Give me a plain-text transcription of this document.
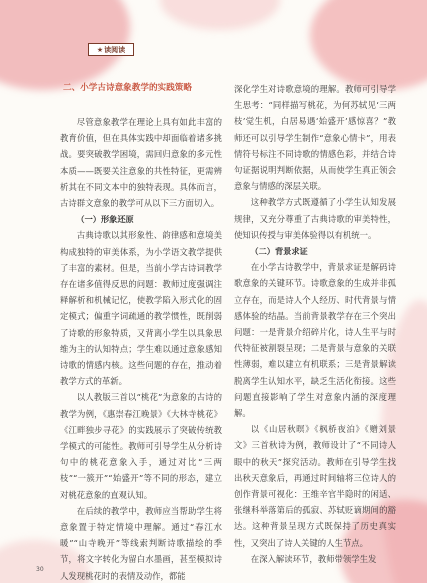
★ 读阅读
二、小学古诗意象教学的实践策略

尽管意象教学在理论上具有如此丰富的教育价值，但在具体实践中却面临着诸多挑战。要突破教学困境，需回归意象的多元性本质——既要关注意象的共性特征，更需辨析其在不同文本中的独特表现。具体而言，古诗群文意象的教学可从以下三方面切入。

（一）形象还原

古典诗歌以其形象性、韵律感和意境美构成独特的审美体系，为小学语文教学提供了丰富的素材。但是，当前小学古诗词教学存在诸多值得反思的问题：教师过度强调注释解析和机械记忆，使教学陷入形式化的固定模式；偏重字词疏通的教学惯性，既削弱了诗歌的形象特质，又背离小学生以具象思维为主的认知特点；学生难以通过意象感知诗歌的情感内核。这些问题的存在，推动着教学方式的革新。

以人教版三首以“桃花”为意象的古诗的教学为例，《惠崇春江晚景》《大林寺桃花》《江畔独步寻花》的实践展示了突破传统教学模式的可能性。教师可引导学生从分析诗句中的桃花意象入手，通过对比“三两枝”“一簇开”“始盛开”等不同的形态，建立对桃花意象的直观认知。

在后续的教学中，教师应当帮助学生将意象置于特定情境中理解。通过“春江水暖”“山寺晚开”等线索判断诗歌描绘的季节，将文字转化为留白水墨画，甚至模拟诗人发现桃花时的表情及动作，都能

深化学生对诗歌意境的理解。教师可引导学生思考：“同样描写桃花，为何苏轼见‘三两枝’觉生机，白居易遇‘始盛开’感惊喜？”教师还可以引导学生制作“意象心情卡”，用表情符号标注不同诗歌的情感色彩，并结合诗句证据说明判断依据，从而使学生真正领会意象与情感的深层关联。

这种教学方式既遵循了小学生认知发展规律，又充分尊重了古典诗歌的审美特性，使知识传授与审美体验得以有机统一。

（二）背景求证

在小学古诗教学中，背景求证是解码诗歌意象的关键环节。诗歌意象的生成并非孤立存在，而是诗人个人经历、时代背景与情感体验的结晶。当前背景教学存在三个突出问题：一是背景介绍碎片化，诗人生平与时代特征被割裂呈现；二是背景与意象的关联性薄弱，难以建立有机联系；三是背景解读脱离学生认知水平，缺乏生活化衔接。这些问题直接影响了学生对意象内涵的深度理解。

以《山居秋暝》《枫桥夜泊》《赠刘景文》三首秋诗为例，教师设计了“不同诗人眼中的秋天”探究活动。教师在引导学生找出秋天意象后，再通过时间轴将三位诗人的创作背景可视化：王维辛官半隐时的闲适、张继科举落第后的孤寂、苏轼贬谪期间的豁达。这种背景呈现方式既保持了历史真实性，又突出了诗人关键的人生节点。

在深入解读环节，教师带领学生发

30
